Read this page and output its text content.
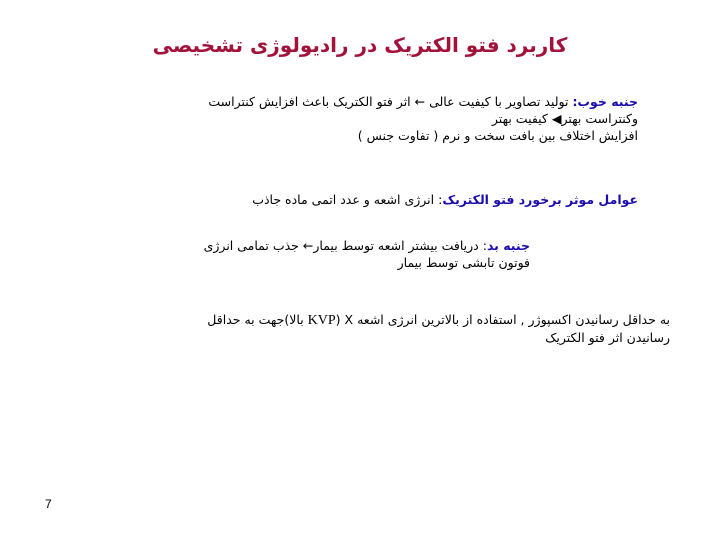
کاربرد فتو الکتریک در رادیولوژی تشخیصی
جنبه خوب: تولید تصاویر با کیفیت عالی ← اثر فتو الکتریک باعث افزایش کنتراست
وکنتراست بهتر◀ کیفیت بهتر
افزایش اختلاف بین بافت سخت و نرم ( تفاوت جنس )
عوامل موثر برخورد فتو الکتریک: انرژی اشعه و عدد اتمی ماده جاذب
جنبه بد: دریافت بیشتر اشعه توسط بیمار← جذب تمامی انرژی
فوتون تابشی توسط بیمار
به حداقل رسانیدن اکسپوژر , استفاده از بالاترین انرژی اشعه X (KVP بالا)جهت به حداقل
رسانیدن اثر فتو الکتریک
7
